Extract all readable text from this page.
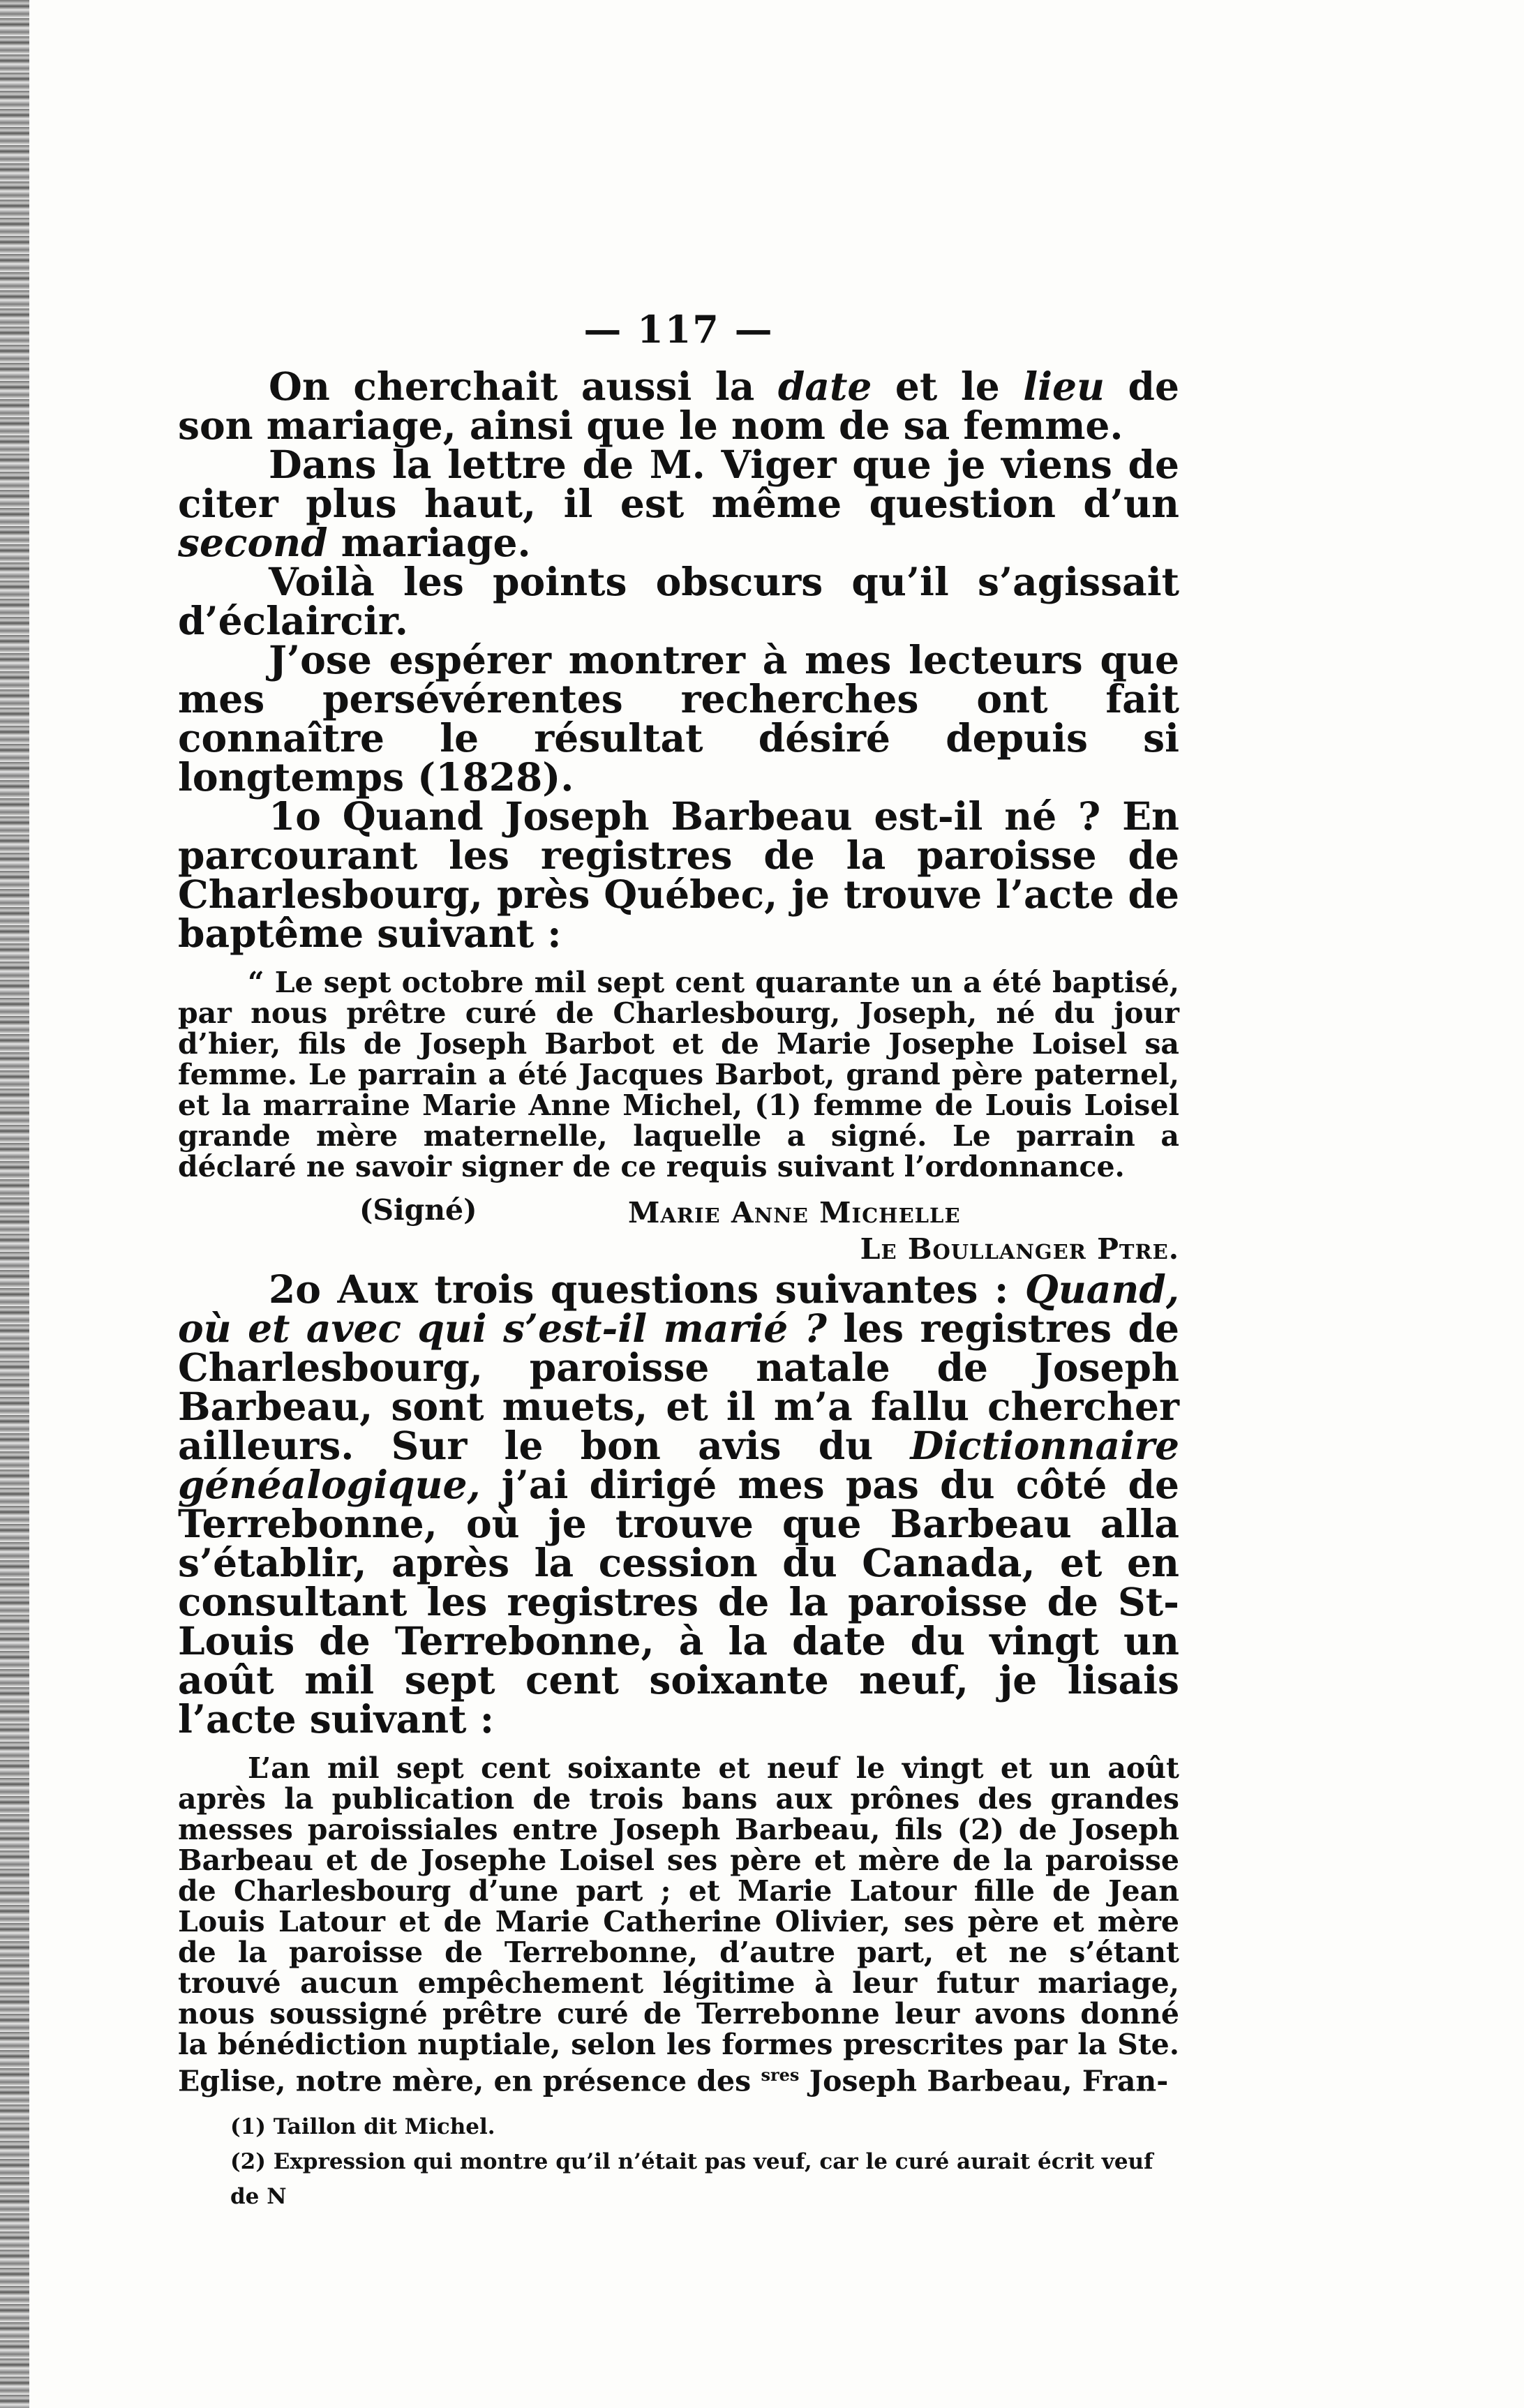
— 117 —

On cherchait aussi la date et le lieu de son mariage, ainsi que le nom de sa femme.

Dans la lettre de M. Viger que je viens de citer plus haut, il est même question d’un second mariage.

Voilà les points obscurs qu’il s’agissait d’éclaircir.

J’ose espérer montrer à mes lecteurs que mes persévérentes recherches ont fait connaître le résultat désiré depuis si longtemps (1828).

1o Quand Joseph Barbeau est-il né ? En parcourant les registres de la paroisse de Charlesbourg, près Québec, je trouve l’acte de baptême suivant :

“ Le sept octobre mil sept cent quarante un a été baptisé, par nous prêtre curé de Charlesbourg, Joseph, né du jour d’hier, fils de Joseph Barbot et de Marie Josephe Loisel sa femme. Le parrain a été Jacques Barbot, grand père paternel, et la marraine Marie Anne Michel, (1) femme de Louis Loisel grande mère maternelle, laquelle a signé. Le parrain a déclaré ne savoir signer de ce requis suivant l’ordonnance.

(Signé)	Marie Anne Michelle
Le Boullanger Ptre.

2o Aux trois questions suivantes : Quand, où et avec qui s’est-il marié ? les registres de Charlesbourg, paroisse natale de Joseph Barbeau, sont muets, et il m’a fallu chercher ailleurs. Sur le bon avis du Dictionnaire généalogique, j’ai dirigé mes pas du côté de Terrebonne, où je trouve que Barbeau alla s’établir, après la cession du Canada, et en consultant les registres de la paroisse de St-Louis de Terrebonne, à la date du vingt un août mil sept cent soixante neuf, je lisais l’acte suivant :

L’an mil sept cent soixante et neuf le vingt et un août après la publication de trois bans aux prônes des grandes messes paroissiales entre Joseph Barbeau, fils (2) de Joseph Barbeau et de Josephe Loisel ses père et mère de la paroisse de Charlesbourg d’une part ; et Marie Latour fille de Jean Louis Latour et de Marie Catherine Olivier, ses père et mère de la paroisse de Terrebonne, d’autre part, et ne s’étant trouvé aucun empêchement légitime à leur futur mariage, nous soussigné prêtre curé de Terrebonne leur avons donné la bénédiction nuptiale, selon les formes prescrites par la Ste. Eglise, notre mère, en présence des $^{sres}$ Joseph Barbeau, Fran-

(1) Taillon dit Michel.
(2) Expression qui montre qu’il n’était pas veuf, car le curé aurait écrit veuf de N
